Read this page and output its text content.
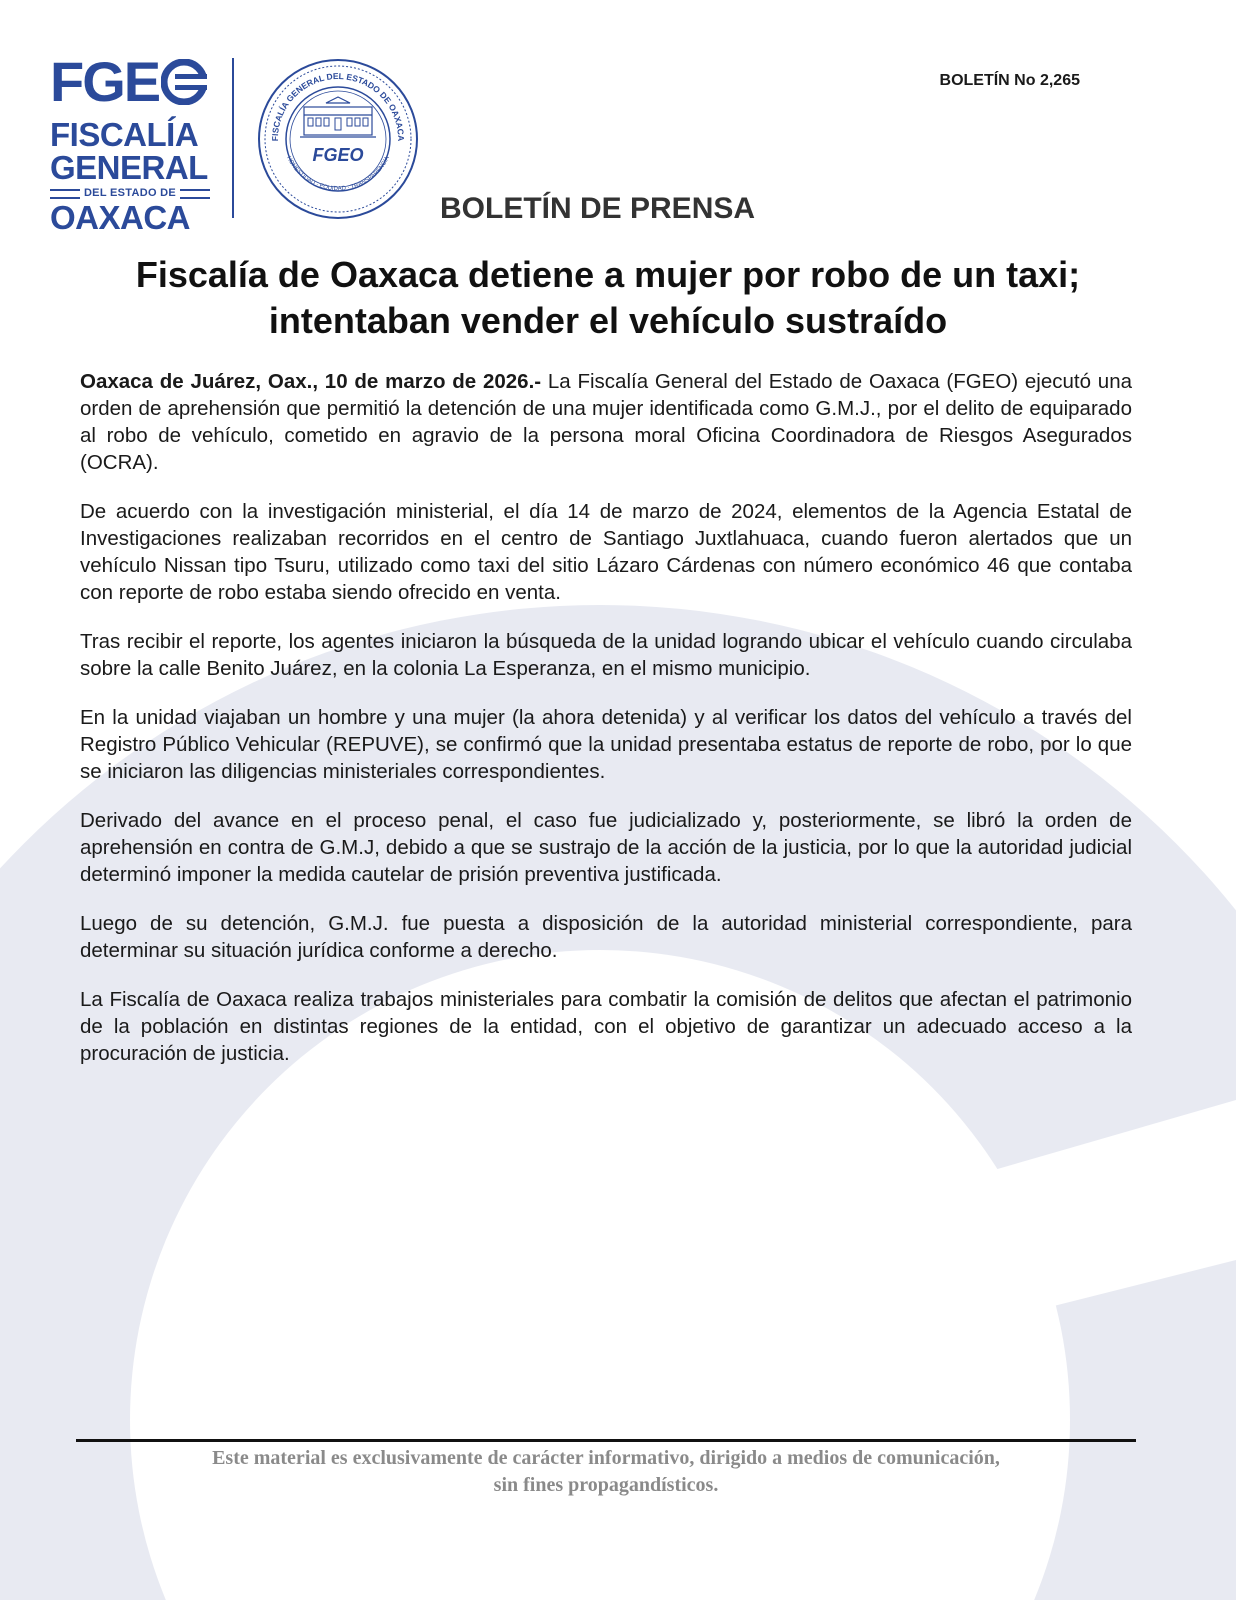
FGE
FISCALÍA
GENERAL
DEL ESTADO DE
OAXACA
FISCALÍA GENERAL DEL ESTADO DE OAXACA
HONESTIDAD · EQUIDAD · TRANSPARENCIA
FGEO
BOLETÍN No 2,265
BOLETÍN DE PRENSA
Fiscalía de Oaxaca detiene a mujer por robo de un taxi;
intentaban vender el vehículo sustraído

Oaxaca de Juárez, Oax., 10 de marzo de 2026.- La Fiscalía General del Estado de Oaxaca (FGEO) ejecutó una orden de aprehensión que permitió la detención de una mujer identificada como G.M.J., por el delito de equiparado al robo de vehículo, cometido en agravio de la persona moral Oficina Coordinadora de Riesgos Asegurados (OCRA).

De acuerdo con la investigación ministerial, el día 14 de marzo de 2024, elementos de la Agencia Estatal de Investigaciones realizaban recorridos en el centro de Santiago Juxtlahuaca, cuando fueron alertados que un vehículo Nissan tipo Tsuru, utilizado como taxi del sitio Lázaro Cárdenas con número económico 46 que contaba con reporte de robo estaba siendo ofrecido en venta.

Tras recibir el reporte, los agentes iniciaron la búsqueda de la unidad logrando ubicar el vehículo cuando circulaba sobre la calle Benito Juárez, en la colonia La Esperanza, en el mismo municipio.

En la unidad viajaban un hombre y una mujer (la ahora detenida) y al verificar los datos del vehículo a través del Registro Público Vehicular (REPUVE), se confirmó que la unidad presentaba estatus de reporte de robo, por lo que se iniciaron las diligencias ministeriales correspondientes.

Derivado del avance en el proceso penal, el caso fue judicializado y, posteriormente, se libró la orden de aprehensión en contra de G.M.J, debido a que se sustrajo de la acción de la justicia, por lo que la autoridad judicial determinó imponer la medida cautelar de prisión preventiva justificada.

Luego de su detención, G.M.J. fue puesta a disposición de la autoridad ministerial correspondiente, para determinar su situación jurídica conforme a derecho.

La Fiscalía de Oaxaca realiza trabajos ministeriales para combatir la comisión de delitos que afectan el patrimonio de la población en distintas regiones de la entidad, con el objetivo de garantizar un adecuado acceso a la procuración de justicia.

Este material es exclusivamente de carácter informativo, dirigido a medios de comunicación,
sin fines propagandísticos.
